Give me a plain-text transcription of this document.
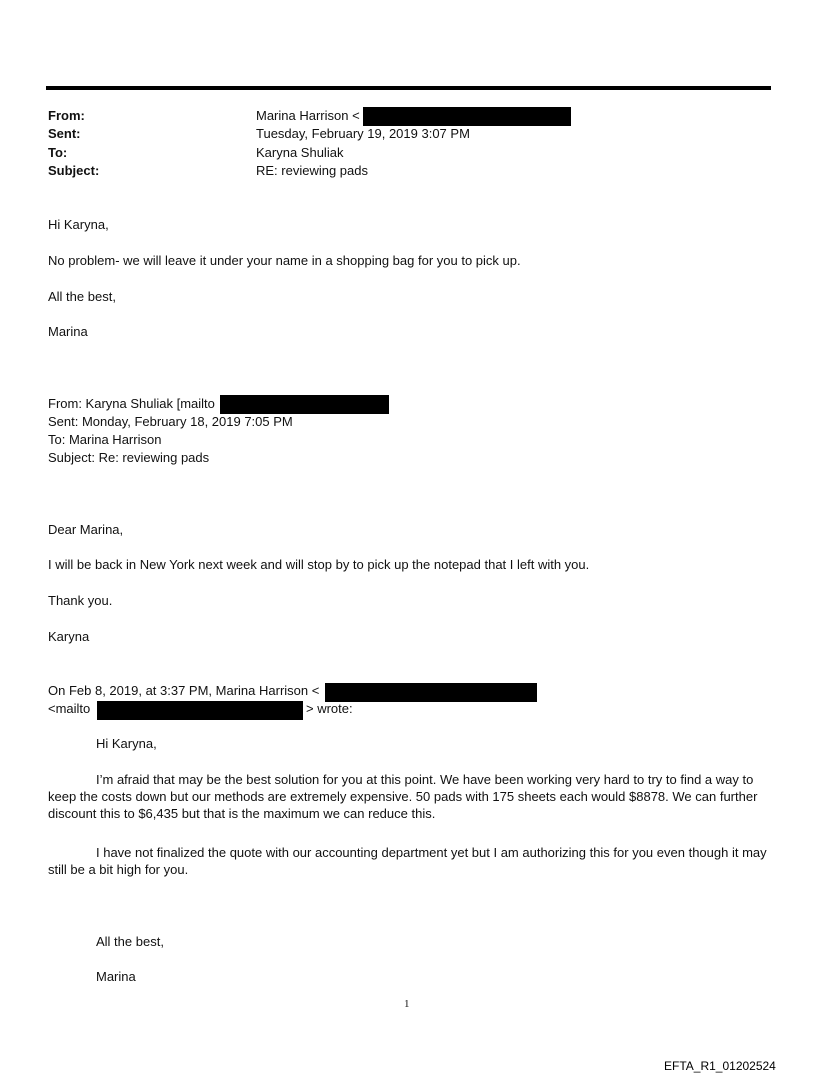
From:	Marina Harrison <
Sent:	Tuesday, February 19, 2019 3:07 PM
To:	Karyna Shuliak
Subject:	RE: reviewing pads
Hi Karyna,
No problem- we will leave it under your name in a shopping bag for you to pick up.
All the best,
Marina
From: Karyna Shuliak [mailto
Sent: Monday, February 18, 2019 7:05 PM
To: Marina Harrison
Subject: Re: reviewing pads
Dear Marina,
I will be back in New York next week and will stop by to pick up the notepad that I left with you.
Thank you.
Karyna
On Feb 8, 2019, at 3:37 PM, Marina Harrison <
<mailto	> wrote:
Hi Karyna,
I’m afraid that may be the best solution for you at this point. We have been working very hard to try to find a way to keep the costs down but our methods are extremely expensive. 50 pads with 175 sheets each would $8878. We can further discount this to $6,435 but that is the maximum we can reduce this.
I have not finalized the quote with our accounting department yet but I am authorizing this for you even though it may still be a bit high for you.
All the best,
Marina
1
EFTA_R1_01202524
